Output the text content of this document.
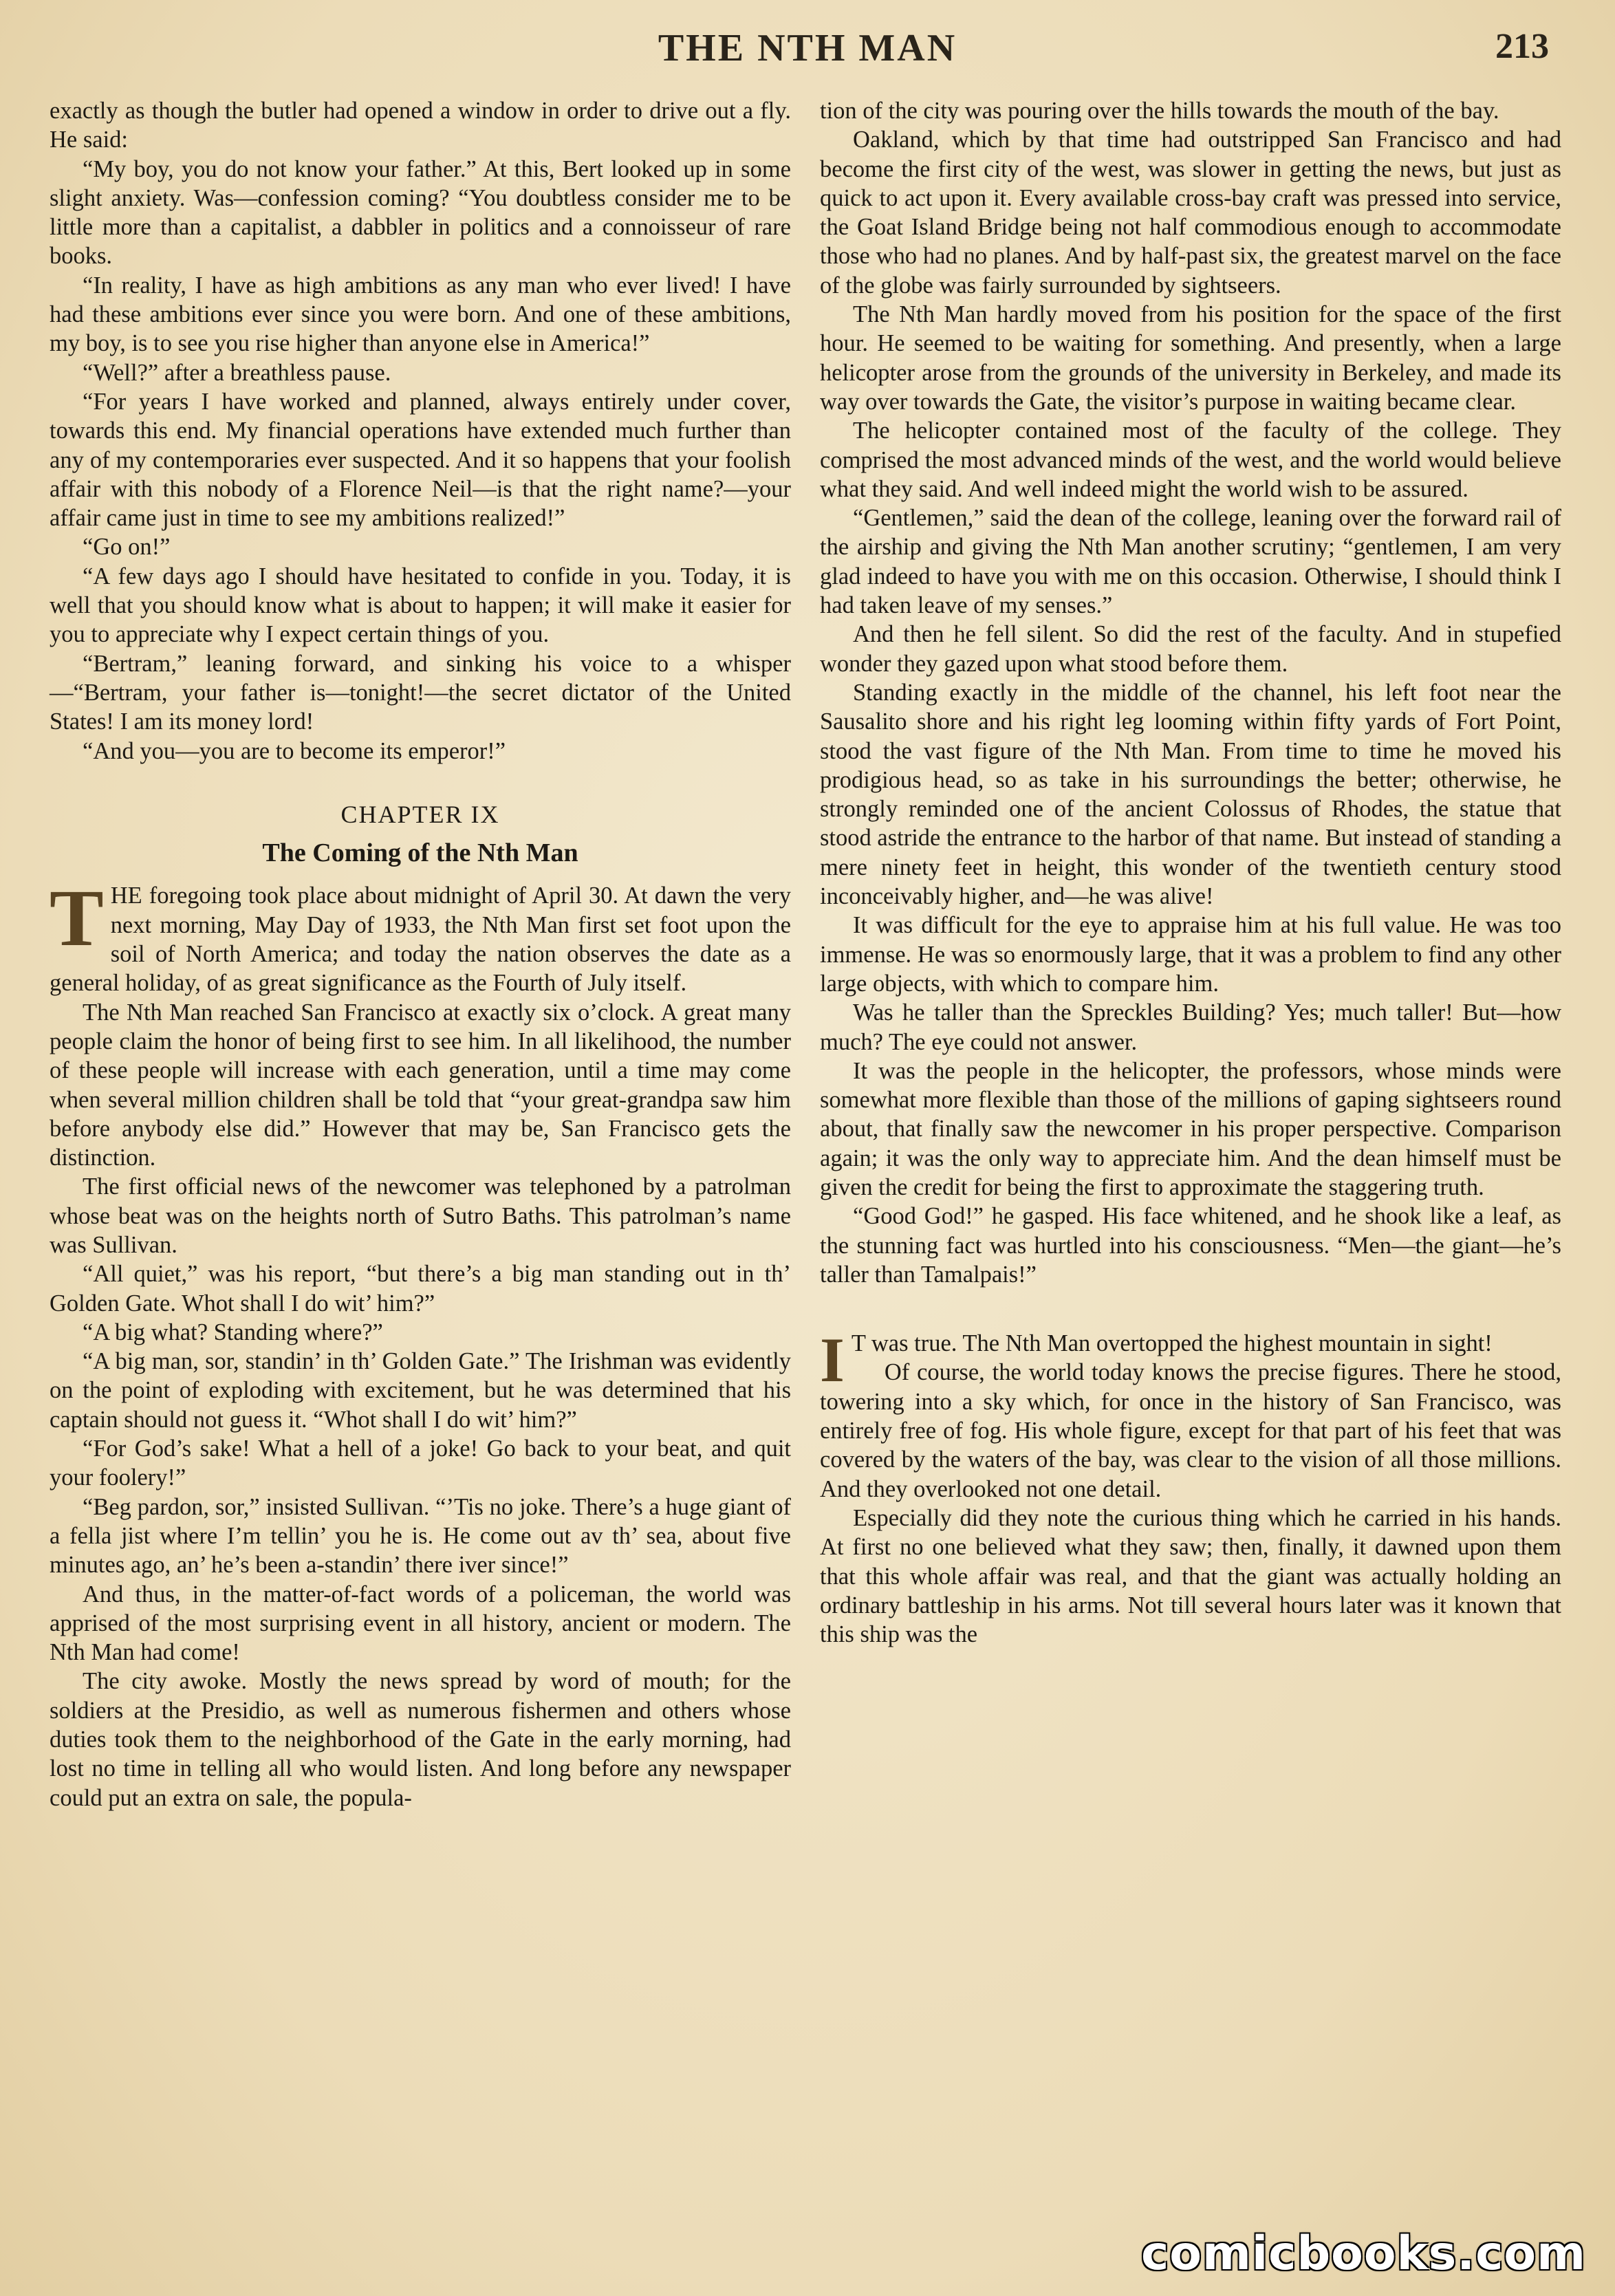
THE NTH MAN	213

exactly as though the butler had opened a window in order to drive out a fly. He said:

“My boy, you do not know your father.” At this, Bert looked up in some slight anxiety. Was—confession coming? “You doubtless consider me to be little more than a capitalist, a dabbler in politics and a connoisseur of rare books.

“In reality, I have as high ambitions as any man who ever lived! I have had these ambitions ever since you were born. And one of these ambitions, my boy, is to see you rise higher than anyone else in America!”

“Well?” after a breathless pause.

“For years I have worked and planned, always entirely under cover, towards this end. My financial operations have extended much further than any of my contemporaries ever suspected. And it so happens that your foolish affair with this nobody of a Florence Neil—is that the right name?—your affair came just in time to see my ambitions realized!”

“Go on!”

“A few days ago I should have hesitated to confide in you. Today, it is well that you should know what is about to happen; it will make it easier for you to appreciate why I expect certain things of you.

“Bertram,” leaning forward, and sinking his voice to a whisper—“Bertram, your father is—tonight!—the secret dictator of the United States! I am its money lord!

“And you—you are to become its emperor!”

CHAPTER IX
The Coming of the Nth Man

THE foregoing took place about midnight of April 30. At dawn the very next morning, May Day of 1933, the Nth Man first set foot upon the soil of North America; and today the nation observes the date as a general holiday, of as great significance as the Fourth of July itself.

The Nth Man reached San Francisco at exactly six o’clock. A great many people claim the honor of being first to see him. In all likelihood, the number of these people will increase with each generation, until a time may come when several million children shall be told that “your great-grandpa saw him before anybody else did.” However that may be, San Francisco gets the distinction.

The first official news of the newcomer was telephoned by a patrolman whose beat was on the heights north of Sutro Baths. This patrolman’s name was Sullivan.

“All quiet,” was his report, “but there’s a big man standing out in th’ Golden Gate. Whot shall I do wit’ him?”

“A big what? Standing where?”

“A big man, sor, standin’ in th’ Golden Gate.” The Irishman was evidently on the point of exploding with excitement, but he was determined that his captain should not guess it. “Whot shall I do wit’ him?”

“For God’s sake! What a hell of a joke! Go back to your beat, and quit your foolery!”

“Beg pardon, sor,” insisted Sullivan. “’Tis no joke. There’s a huge giant of a fella jist where I’m tellin’ you he is. He come out av th’ sea, about five minutes ago, an’ he’s been a-standin’ there iver since!”

And thus, in the matter-of-fact words of a policeman, the world was apprised of the most surprising event in all history, ancient or modern. The Nth Man had come!

The city awoke. Mostly the news spread by word of mouth; for the soldiers at the Presidio, as well as numerous fishermen and others whose duties took them to the neighborhood of the Gate in the early morning, had lost no time in telling all who would listen. And long before any newspaper could put an extra on sale, the popula-

tion of the city was pouring over the hills towards the mouth of the bay.

Oakland, which by that time had outstripped San Francisco and had become the first city of the west, was slower in getting the news, but just as quick to act upon it. Every available cross-bay craft was pressed into service, the Goat Island Bridge being not half commodious enough to accommodate those who had no planes. And by half-past six, the greatest marvel on the face of the globe was fairly surrounded by sightseers.

The Nth Man hardly moved from his position for the space of the first hour. He seemed to be waiting for something. And presently, when a large helicopter arose from the grounds of the university in Berkeley, and made its way over towards the Gate, the visitor’s purpose in waiting became clear.

The helicopter contained most of the faculty of the college. They comprised the most advanced minds of the west, and the world would believe what they said. And well indeed might the world wish to be assured.

“Gentlemen,” said the dean of the college, leaning over the forward rail of the airship and giving the Nth Man another scrutiny; “gentlemen, I am very glad indeed to have you with me on this occasion. Otherwise, I should think I had taken leave of my senses.”

And then he fell silent. So did the rest of the faculty. And in stupefied wonder they gazed upon what stood before them.

Standing exactly in the middle of the channel, his left foot near the Sausalito shore and his right leg looming within fifty yards of Fort Point, stood the vast figure of the Nth Man. From time to time he moved his prodigious head, so as take in his surroundings the better; otherwise, he strongly reminded one of the ancient Colossus of Rhodes, the statue that stood astride the entrance to the harbor of that name. But instead of standing a mere ninety feet in height, this wonder of the twentieth century stood inconceivably higher, and—he was alive!

It was difficult for the eye to appraise him at his full value. He was too immense. He was so enormously large, that it was a problem to find any other large objects, with which to compare him.

Was he taller than the Spreckles Building? Yes; much taller! But—how much? The eye could not answer.

It was the people in the helicopter, the professors, whose minds were somewhat more flexible than those of the millions of gaping sightseers round about, that finally saw the newcomer in his proper perspective. Comparison again; it was the only way to appreciate him. And the dean himself must be given the credit for being the first to approximate the staggering truth.

“Good God!” he gasped. His face whitened, and he shook like a leaf, as the stunning fact was hurtled into his consciousness. “Men—the giant—he’s taller than Tamalpais!”

I T was true. The Nth Man overtopped the highest mountain in sight!

Of course, the world today knows the precise figures. There he stood, towering into a sky which, for once in the history of San Francisco, was entirely free of fog. His whole figure, except for that part of his feet that was covered by the waters of the bay, was clear to the vision of all those millions. And they overlooked not one detail.

Especially did they note the curious thing which he carried in his hands. At first no one believed what they saw; then, finally, it dawned upon them that this whole affair was real, and that the giant was actually holding an ordinary battleship in his arms. Not till several hours later was it known that this ship was the

comicbooks.com
